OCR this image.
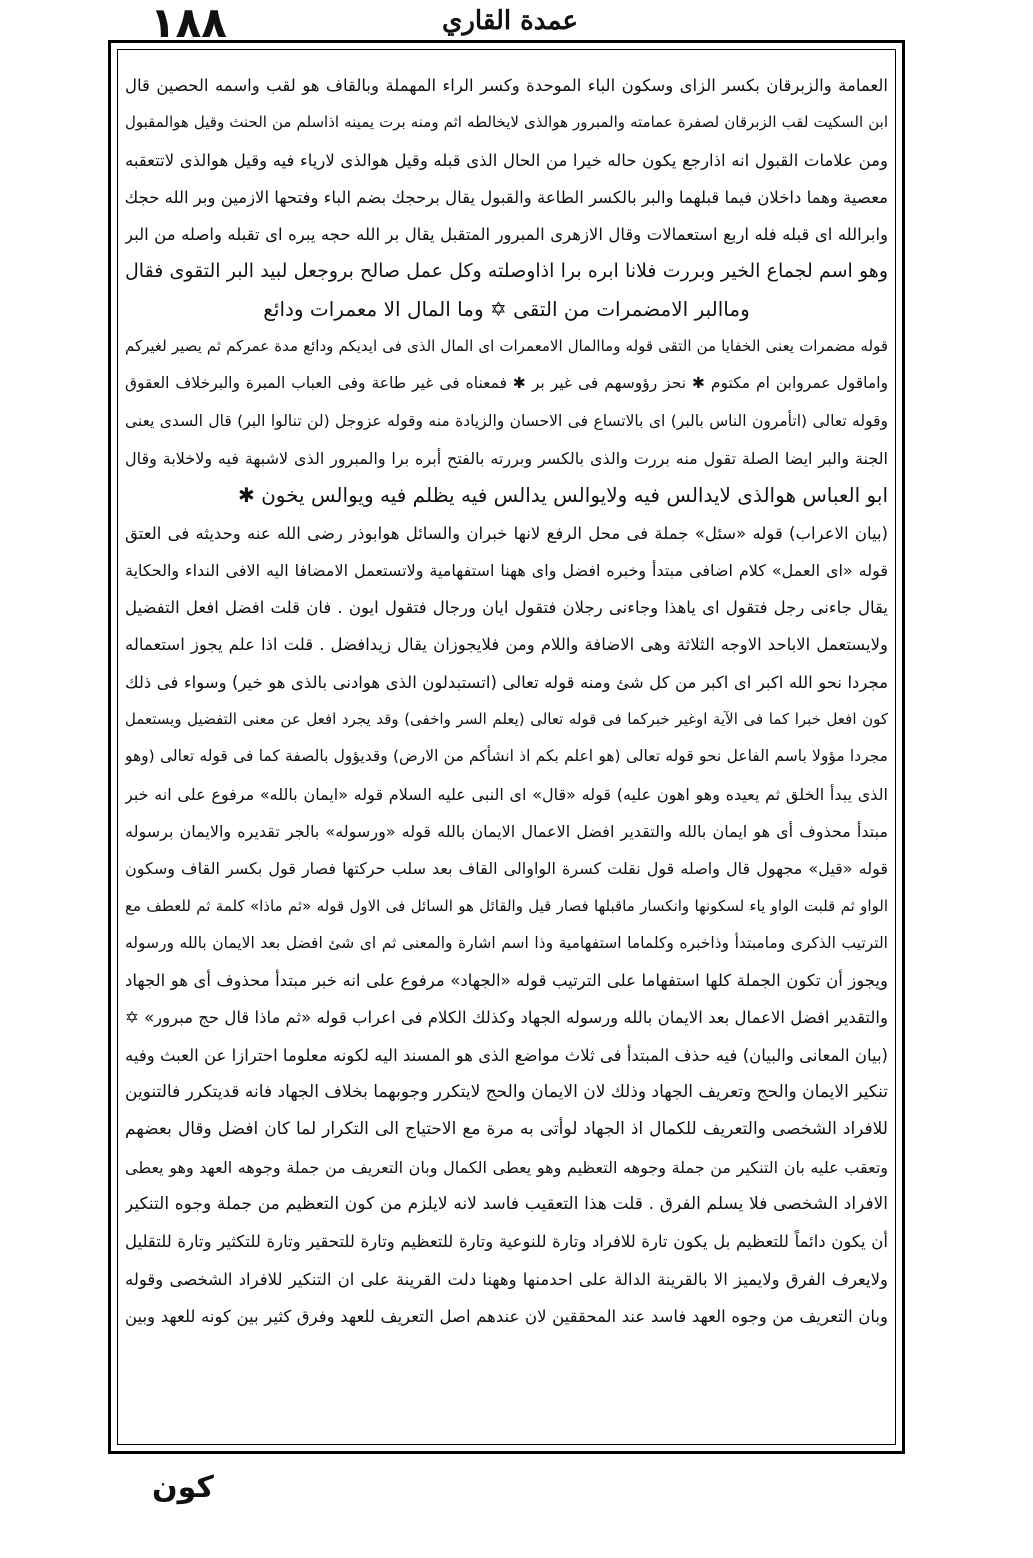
۱۸۸	عمدة القاري
العمامة والزبرقان بكسر الزاى وسكون الباء الموحدة وكسر الراء المهملة وبالقاف هو لقب واسمه الحصين قال
ابن السكيت لقب الزبرقان لصفرة عمامته والمبرور هوالذى لايخالطه اثم ومنه برت يمينه اذاسلم من الحنث وقيل هوالمقبول
ومن علامات القبول انه اذارجع يكون حاله خيرا من الحال الذى قبله وقيل هوالذى لارياء فيه وقيل هوالذى لاتتعقبه
معصية وهما داخلان فيما قبلهما والبر بالكسر الطاعة والقبول يقال برحجك بضم الباء وفتحها الازمين وبر الله حجك
وابرالله اى قبله فله اربع استعمالات وقال الازهرى المبرور المتقبل يقال بر الله حجه يبره اى تقبله واصله من البر
وهو اسم لجماع الخير وبررت فلانا ابره برا اذاوصلته وكل عمل صالح بروجعل لبيد البر التقوى فقال
وماالبر الامضمرات من التقى ✡ وما المال الا معمرات ودائع
قوله مضمرات يعنى الخفايا من التقى قوله وماالمال الامعمرات اى المال الذى فى ايديكم ودائع مدة عمركم ثم يصير لغيركم
واماقول عمروابن ام مكتوم ✱ نحز رؤوسهم فى غير بر ✱ فمعناه فى غير طاعة وفى العباب المبرة والبرخلاف العقوق
وقوله تعالى (اتأمرون الناس بالبر) اى بالاتساع فى الاحسان والزيادة منه وقوله عزوجل (لن تنالوا البر) قال السدى يعنى
الجنة والبر ايضا الصلة تقول منه بررت والذى بالكسر وبررته بالفتح أبره برا والمبرور الذى لاشبهة فيه ولاخلابة وقال
ابو العباس هوالذى لايدالس فيه ولايوالس يدالس فيه يظلم فيه ويوالس يخون ✱
(بيان الاعراب) قوله «سئل» جملة فى محل الرفع لانها خبران والسائل هوابوذر رضى الله عنه وحديثه فى العتق
قوله «اى العمل» كلام اضافى مبتدأ وخبره افضل واى ههنا استفهامية ولاتستعمل الامضافا اليه الافى النداء والحكاية
يقال جاءنى رجل فتقول اى ياهذا وجاءنى رجلان فتقول ايان ورجال فتقول ايون . فان قلت افضل افعل التفضيل
ولايستعمل الاباحد الاوجه الثلاثة وهى الاضافة واللام ومن فلايجوزان يقال زيدافضل . قلت اذا علم يجوز استعماله
مجردا نحو الله اكبر اى اكبر من كل شئ ومنه قوله تعالى (اتستبدلون الذى هوادنى بالذى هو خير) وسواء فى ذلك
كون افعل خبرا كما فى الآية اوغير خبركما فى قوله تعالى (يعلم السر واخفى) وقد يجرد افعل عن معنى التفضيل ويستعمل
مجردا مؤولا باسم الفاعل نحو قوله تعالى (هو اعلم بكم اذ انشأكم من الارض) وقديؤول بالصفة كما فى قوله تعالى (وهو
الذى يبدأ الخلق ثم يعيده وهو اهون عليه) قوله «قال» اى النبى عليه السلام قوله «ايمان بالله» مرفوع على انه خبر
مبتدأ محذوف أى هو ايمان بالله والتقدير افضل الاعمال الايمان بالله قوله «ورسوله» بالجر تقديره والايمان برسوله
قوله «قيل» مجهول قال واصله قول نقلت كسرة الواوالى القاف بعد سلب حركتها فصار قول بكسر القاف وسكون
الواو ثم قلبت الواو ياء لسكونها وانكسار ماقبلها فصار قيل والقائل هو السائل فى الاول قوله «ثم ماذا» كلمة ثم للعطف مع
الترتيب الذكرى ومامبتدأ وذاخبره وكلماما استفهامية وذا اسم اشارة والمعنى ثم اى شئ افضل بعد الايمان بالله ورسوله
ويجوز أن تكون الجملة كلها استفهاما على الترتيب قوله «الجهاد» مرفوع على انه خبر مبتدأ محذوف أى هو الجهاد
والتقدير افضل الاعمال بعد الايمان بالله ورسوله الجهاد وكذلك الكلام فى اعراب قوله «ثم ماذا قال حج مبرور» ✡
(بيان المعانى والبيان) فيه حذف المبتدأ فى ثلاث مواضع الذى هو المسند اليه لكونه معلوما احترازا عن العبث وفيه
تنكير الايمان والحج وتعريف الجهاد وذلك لان الايمان والحج لايتكرر وجوبهما بخلاف الجهاد فانه قديتكرر فالتنوين
للافراد الشخصى والتعريف للكمال اذ الجهاد لوأتى به مرة مع الاحتياج الى التكرار لما كان افضل وقال بعضهم
وتعقب عليه بان التنكير من جملة وجوهه التعظيم وهو يعطى الكمال وبان التعريف من جملة وجوهه العهد وهو يعطى
الافراد الشخصى فلا يسلم الفرق . قلت هذا التعقيب فاسد لانه لايلزم من كون التعظيم من جملة وجوه التنكير
أن يكون دائماً للتعظيم بل يكون تارة للافراد وتارة للنوعية وتارة للتعظيم وتارة للتحقير وتارة للتكثير وتارة للتقليل
ولايعرف الفرق ولايميز الا بالقرينة الدالة على احدمنها وههنا دلت القرينة على ان التنكير للافراد الشخصى وقوله
وبان التعريف من وجوه العهد فاسد عند المحققين لان عندهم اصل التعريف للعهد وفرق كثير بين كونه للعهد وبين
كون
